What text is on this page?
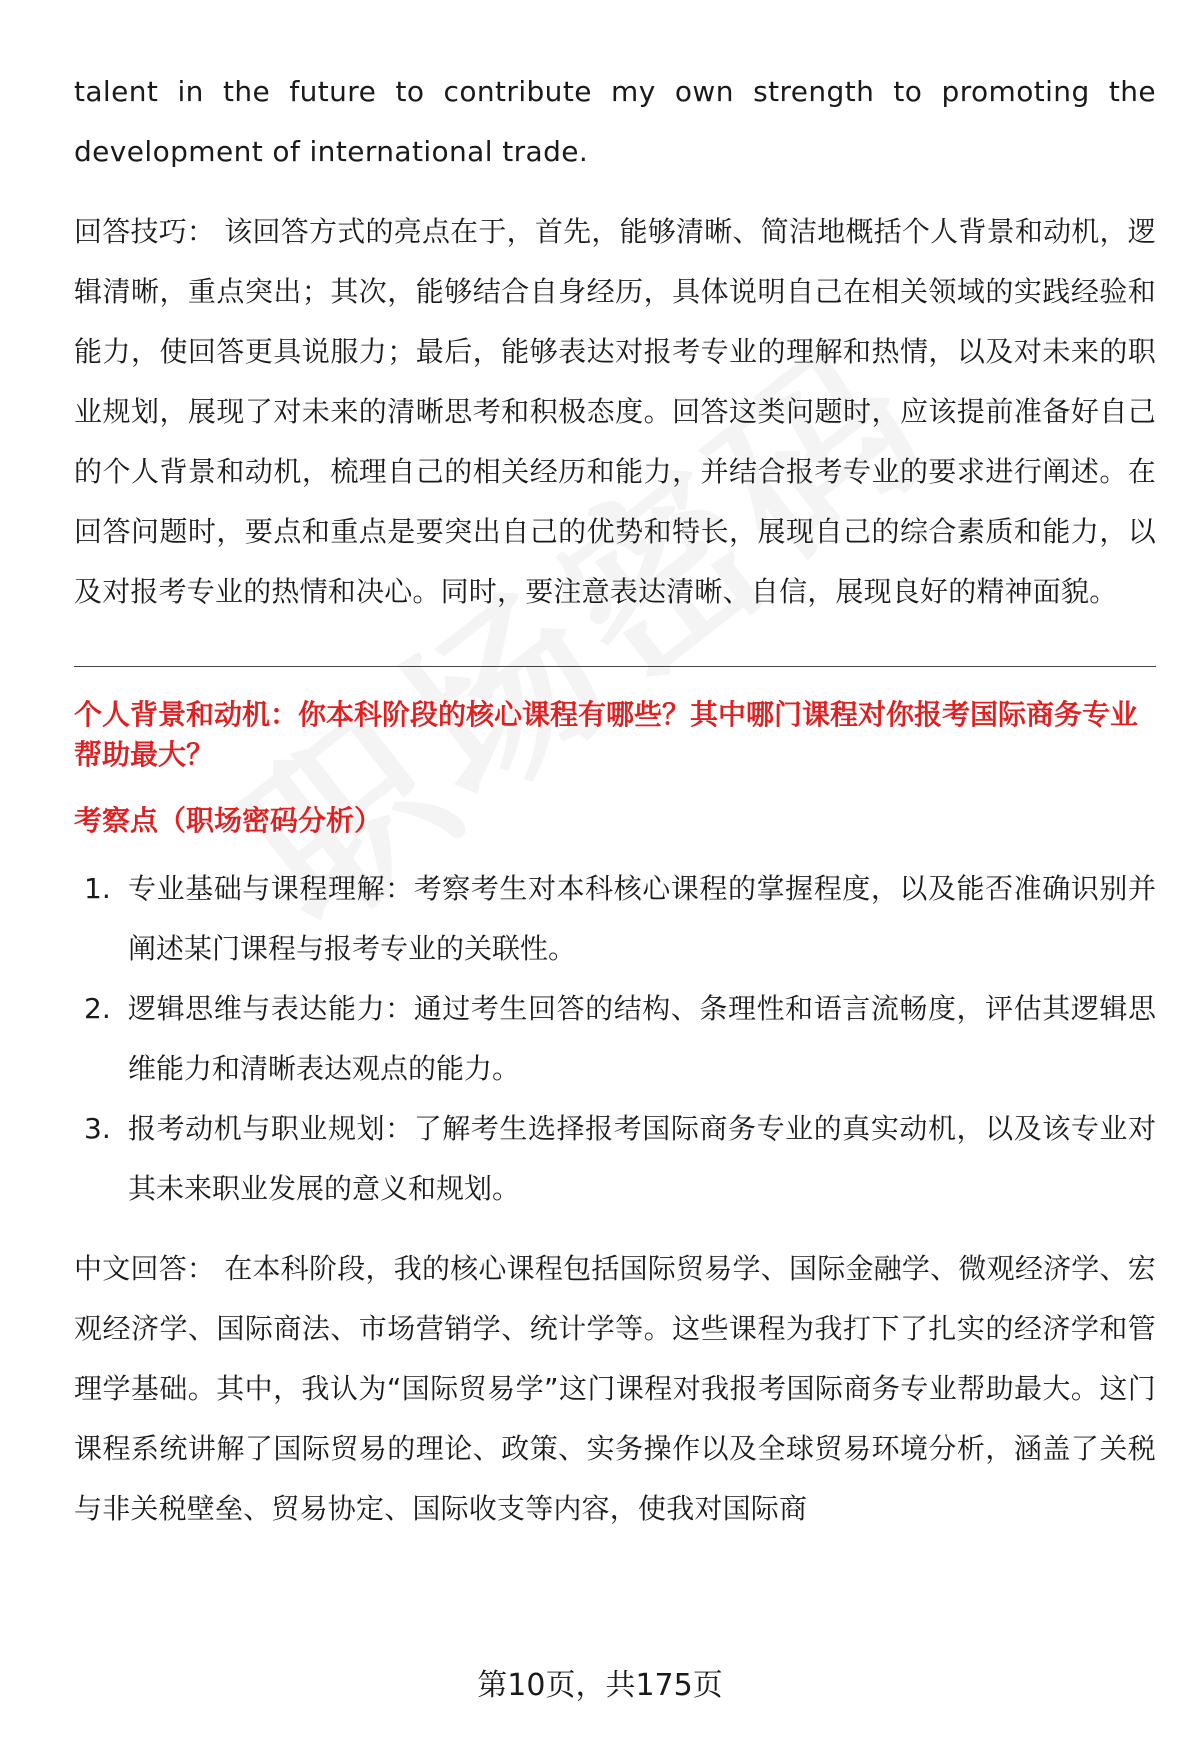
talent in the future to contribute my own strength to promoting the development of international trade.

回答技巧： 该回答方式的亮点在于，首先，能够清晰、简洁地概括个人背景和动机，逻辑清晰，重点突出；其次，能够结合自身经历，具体说明自己在相关领域的实践经验和能力，使回答更具说服力；最后，能够表达对报考专业的理解和热情，以及对未来的职业规划，展现了对未来的清晰思考和积极态度。回答这类问题时，应该提前准备好自己的个人背景和动机，梳理自己的相关经历和能力，并结合报考专业的要求进行阐述。在回答问题时，要点和重点是要突出自己的优势和特长，展现自己的综合素质和能力，以及对报考专业的热情和决心。同时，要注意表达清晰、自信，展现良好的精神面貌。

个人背景和动机：你本科阶段的核心课程有哪些？其中哪门课程对你报考国际商务专业帮助最大？

考察点（职场密码分析）

1. 专业基础与课程理解：考察考生对本科核心课程的掌握程度，以及能否准确识别并阐述某门课程与报考专业的关联性。
2. 逻辑思维与表达能力：通过考生回答的结构、条理性和语言流畅度，评估其逻辑思维能力和清晰表达观点的能力。
3. 报考动机与职业规划：了解考生选择报考国际商务专业的真实动机，以及该专业对其未来职业发展的意义和规划。

中文回答： 在本科阶段，我的核心课程包括国际贸易学、国际金融学、微观经济学、宏观经济学、国际商法、市场营销学、统计学等。这些课程为我打下了扎实的经济学和管理学基础。其中，我认为“国际贸易学”这门课程对我报考国际商务专业帮助最大。这门课程系统讲解了国际贸易的理论、政策、实务操作以及全球贸易环境分析，涵盖了关税与非关税壁垒、贸易协定、国际收支等内容，使我对国际商

第10页，共175页
